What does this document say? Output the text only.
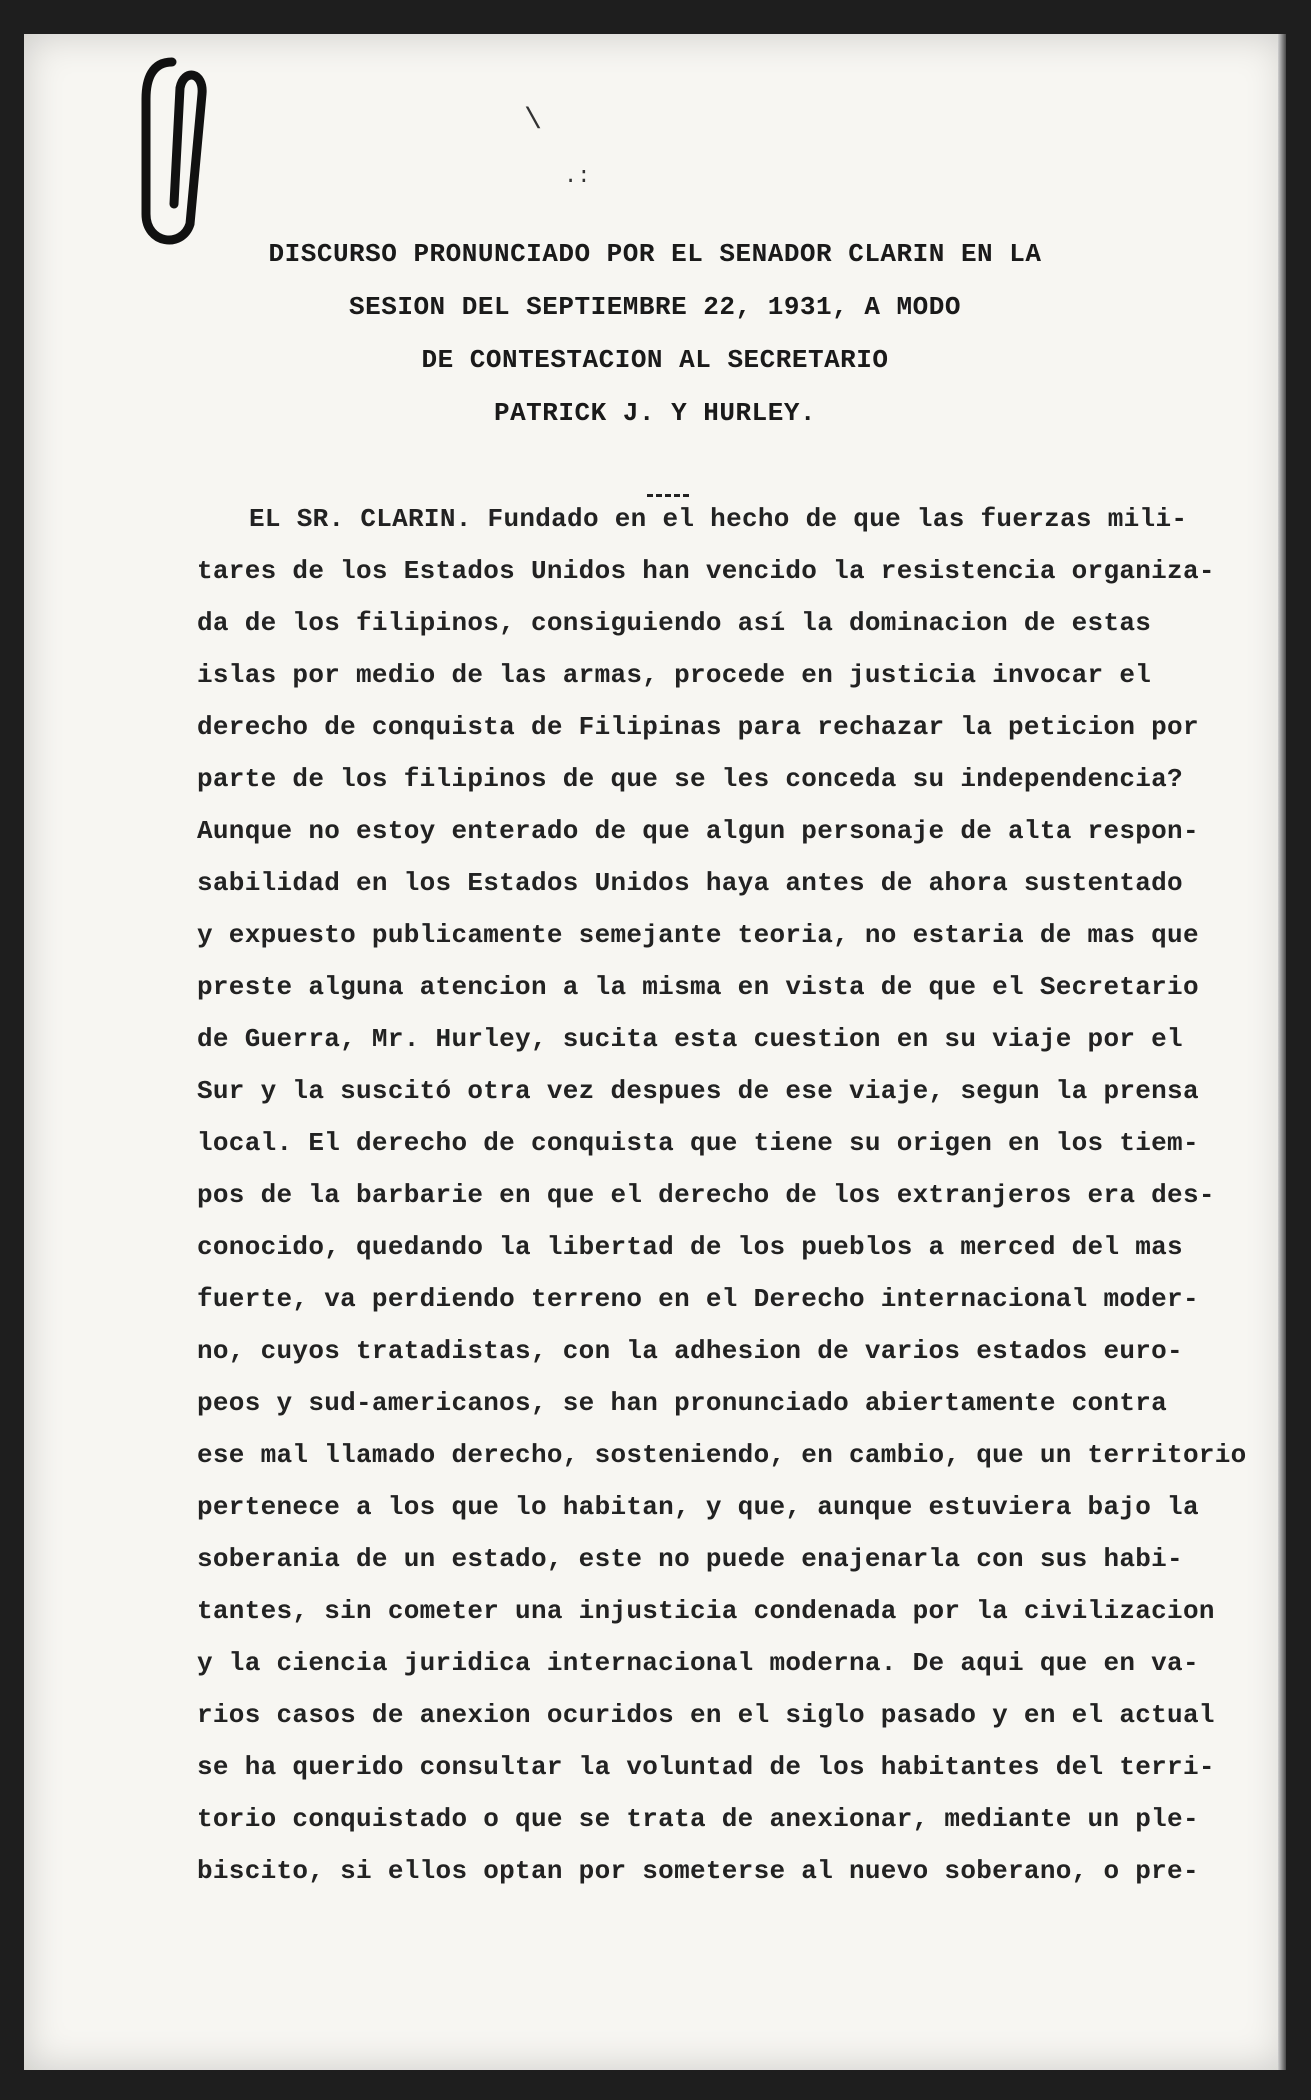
\
.:
DISCURSO PRONUNCIADO POR EL SENADOR CLARIN EN LA
SESION DEL SEPTIEMBRE 22, 1931, A MODO
DE CONTESTACION AL SECRETARIO
PATRICK J. Y HURLEY.
EL SR. CLARIN. Fundado en el hecho de que las fuerzas mili-
tares de los Estados Unidos han vencido la resistencia organiza-
da de los filipinos, consiguiendo así la dominacion de estas
islas por medio de las armas, procede en justicia invocar el
derecho de conquista de Filipinas para rechazar la peticion por
parte de los filipinos de que se les conceda su independencia?
Aunque no estoy enterado de que algun personaje de alta respon-
sabilidad en los Estados Unidos haya antes de ahora sustentado
y expuesto publicamente semejante teoria, no estaria de mas que
preste alguna atencion a la misma en vista de que el Secretario
de Guerra, Mr. Hurley, sucita esta cuestion en su viaje por el
Sur y la suscitó otra vez despues de ese viaje, segun la prensa
local. El derecho de conquista que tiene su origen en los tiem-
pos de la barbarie en que el derecho de los extranjeros era des-
conocido, quedando la libertad de los pueblos a merced del mas
fuerte, va perdiendo terreno en el Derecho internacional moder-
no, cuyos tratadistas, con la adhesion de varios estados euro-
peos y sud-americanos, se han pronunciado abiertamente contra
ese mal llamado derecho, sosteniendo, en cambio, que un territorio
pertenece a los que lo habitan, y que, aunque estuviera bajo la
soberania de un estado, este no puede enajenarla con sus habi-
tantes, sin cometer una injusticia condenada por la civilizacion
y la ciencia juridica internacional moderna. De aqui que en va-
rios casos de anexion ocuridos en el siglo pasado y en el actual
se ha querido consultar la voluntad de los habitantes del terri-
torio conquistado o que se trata de anexionar, mediante un ple-
biscito, si ellos optan por someterse al nuevo soberano, o pre-
